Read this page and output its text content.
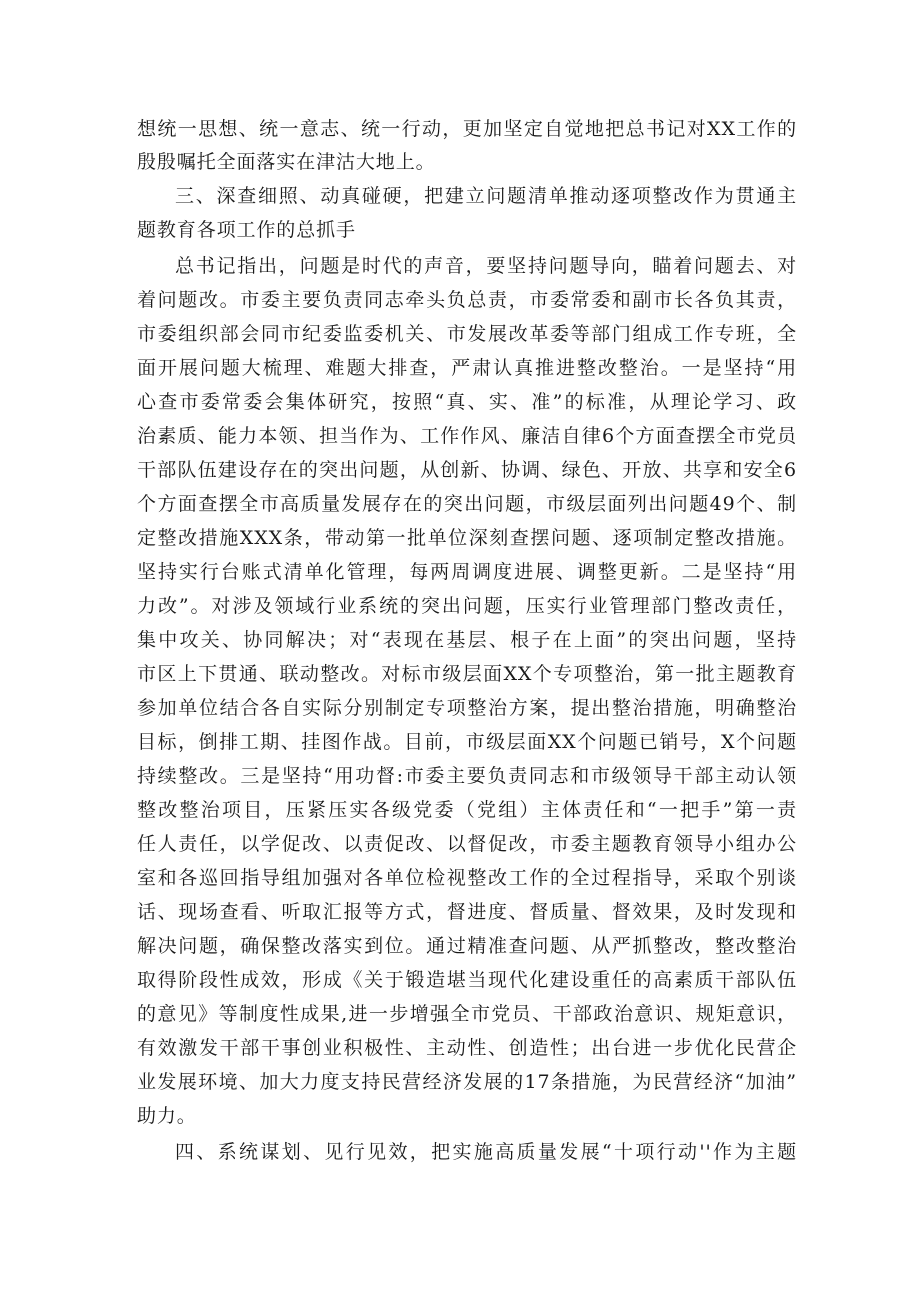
想统一思想、统一意志、统一行动，更加坚定自觉地把总书记对XX工作的
殷殷嘱托全面落实在津沽大地上。
三、深查细照、动真碰硬，把建立问题清单推动逐项整改作为贯通主
题教育各项工作的总抓手
总书记指出，问题是时代的声音，要坚持问题导向，瞄着问题去、对
着问题改。市委主要负责同志牵头负总责，市委常委和副市长各负其责，
市委组织部会同市纪委监委机关、市发展改革委等部门组成工作专班，全
面开展问题大梳理、难题大排查，严肃认真推进整改整治。一是坚持“用
心查市委常委会集体研究，按照“真、实、准”的标准，从理论学习、政
治素质、能力本领、担当作为、工作作风、廉洁自律6个方面查摆全市党员
干部队伍建设存在的突出问题，从创新、协调、绿色、开放、共享和安全6
个方面查摆全市高质量发展存在的突出问题，市级层面列出问题49个、制
定整改措施XXX条，带动第一批单位深刻查摆问题、逐项制定整改措施。
坚持实行台账式清单化管理，每两周调度进展、调整更新。二是坚持“用
力改”。对涉及领域行业系统的突出问题，压实行业管理部门整改责任，
集中攻关、协同解决；对“表现在基层、根子在上面”的突出问题，坚持
市区上下贯通、联动整改。对标市级层面XX个专项整治，第一批主题教育
参加单位结合各自实际分别制定专项整治方案，提出整治措施，明确整治
目标，倒排工期、挂图作战。目前，市级层面XX个问题已销号，X个问题
持续整改。三是坚持“用功督:市委主要负责同志和市级领导干部主动认领
整改整治项目，压紧压实各级党委（党组）主体责任和“一把手”第一责
任人责任，以学促改、以责促改、以督促改，市委主题教育领导小组办公
室和各巡回指导组加强对各单位检视整改工作的全过程指导，采取个别谈
话、现场查看、听取汇报等方式，督进度、督质量、督效果，及时发现和
解决问题，确保整改落实到位。通过精准查问题、从严抓整改，整改整治
取得阶段性成效，形成《关于锻造堪当现代化建设重任的高素质干部队伍
的意见》等制度性成果,进一步增强全市党员、干部政治意识、规矩意识，
有效激发干部干事创业积极性、主动性、创造性；出台进一步优化民营企
业发展环境、加大力度支持民营经济发展的17条措施，为民营经济“加油”
助力。
四、系统谋划、见行见效，把实施高质量发展“十项行动''作为主题
